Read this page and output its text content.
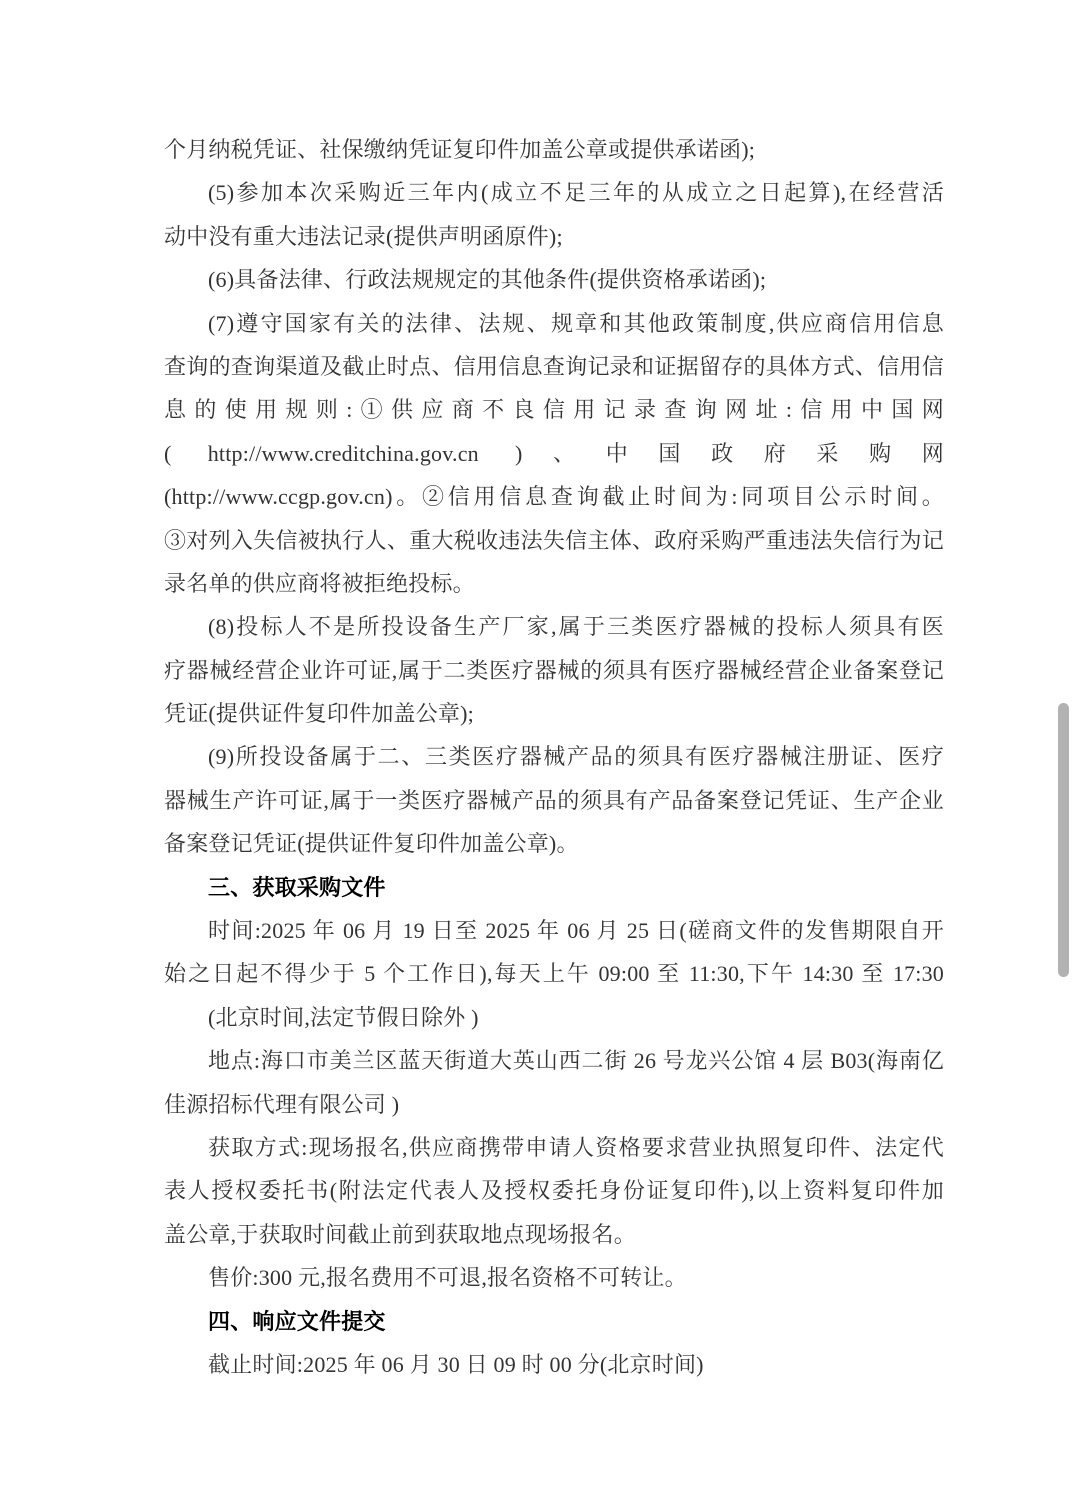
个月纳税凭证、社保缴纳凭证复印件加盖公章或提供承诺函);
(5)参加本次采购近三年内(成立不足三年的从成立之日起算),在经营活
动中没有重大违法记录(提供声明函原件);
(6)具备法律、行政法规规定的其他条件(提供资格承诺函);
(7)遵守国家有关的法律、法规、规章和其他政策制度,供应商信用信息
查询的查询渠道及截止时点、信用信息查询记录和证据留存的具体方式、信用信
息的使用规则:①供应商不良信用记录查询网址:信用中国网
( http://www.creditchina.gov.cn )、中国政府采购网
(http://www.ccgp.gov.cn)。②信用信息查询截止时间为:同项目公示时间。
③对列入失信被执行人、重大税收违法失信主体、政府采购严重违法失信行为记
录名单的供应商将被拒绝投标。
(8)投标人不是所投设备生产厂家,属于三类医疗器械的投标人须具有医
疗器械经营企业许可证,属于二类医疗器械的须具有医疗器械经营企业备案登记
凭证(提供证件复印件加盖公章);
(9)所投设备属于二、三类医疗器械产品的须具有医疗器械注册证、医疗
器械生产许可证,属于一类医疗器械产品的须具有产品备案登记凭证、生产企业
备案登记凭证(提供证件复印件加盖公章)。
三、获取采购文件
时间:2025 年 06 月 19 日至 2025 年 06 月 25 日(磋商文件的发售期限自开
始之日起不得少于 5 个工作日),每天上午 09:00 至 11:30,下午 14:30 至 17:30
(北京时间,法定节假日除外 )
地点:海口市美兰区蓝天街道大英山西二街 26 号龙兴公馆 4 层 B03(海南亿
佳源招标代理有限公司 )
获取方式:现场报名,供应商携带申请人资格要求营业执照复印件、法定代
表人授权委托书(附法定代表人及授权委托身份证复印件),以上资料复印件加
盖公章,于获取时间截止前到获取地点现场报名。
售价:300 元,报名费用不可退,报名资格不可转让。
四、响应文件提交
截止时间:2025 年 06 月 30 日 09 时 00 分(北京时间)
